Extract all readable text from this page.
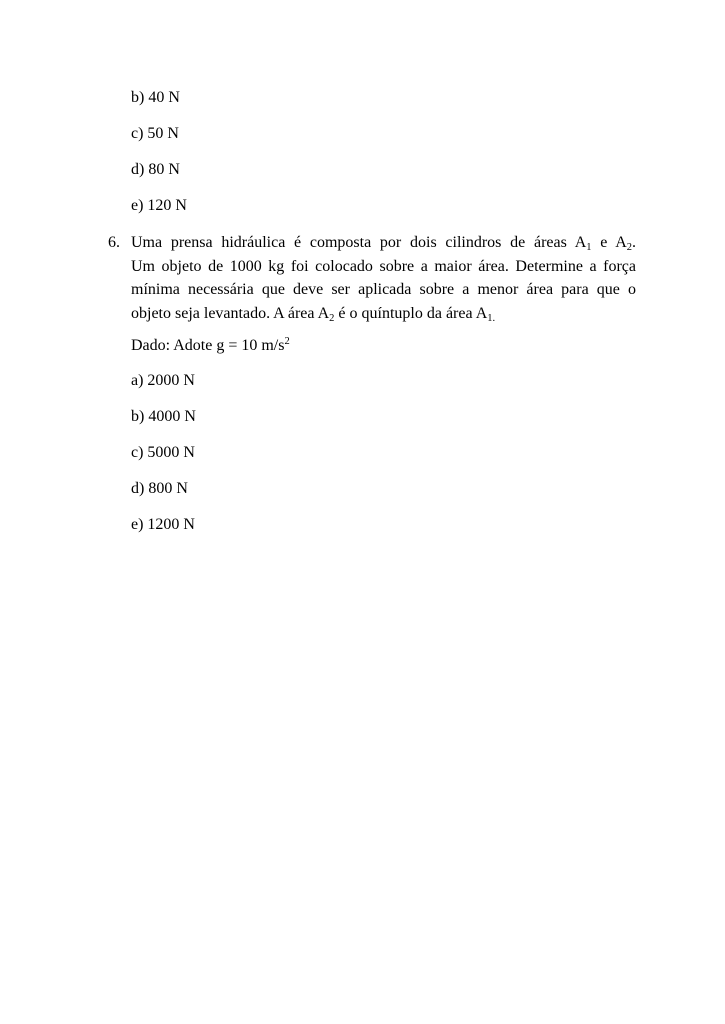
b) 40 N
c) 50 N
d) 80 N
e) 120 N
6. Uma prensa hidráulica é composta por dois cilindros de áreas $A_1$ e $A_2$.
Um objeto de 1000 kg foi colocado sobre a maior área. Determine a força
mínima necessária que deve ser aplicada sobre a menor área para que o
objeto seja levantado. A área $A_2$ é o quíntuplo da área $A_{1.}$
Dado: Adote g = 10 $m/s^2$
a) 2000 N
b) 4000 N
c) 5000 N
d) 800 N
e) 1200 N
